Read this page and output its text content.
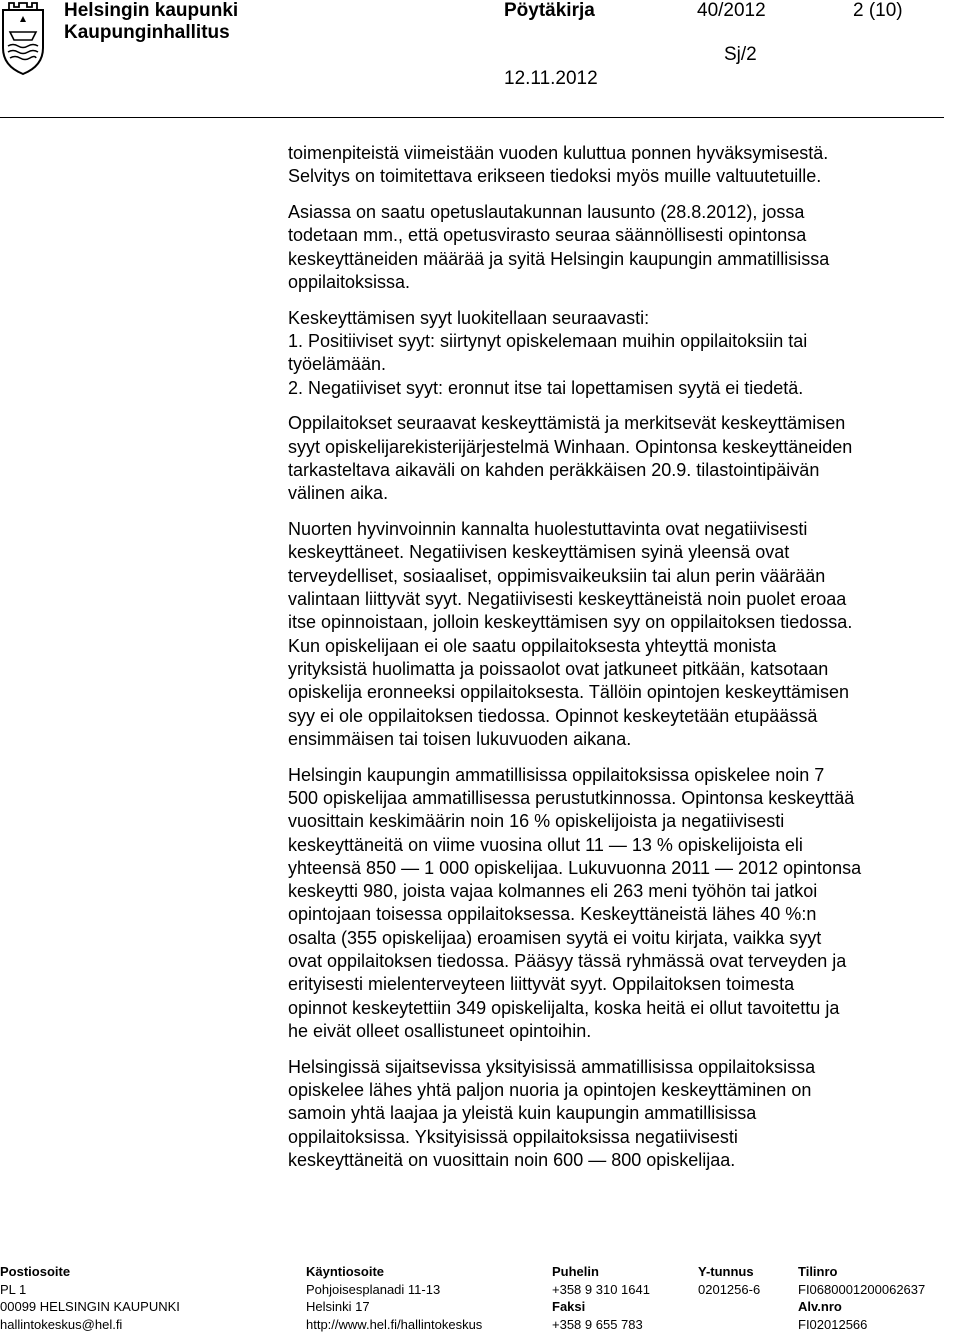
Helsingin kaupunki
Kaupunginhallitus
Pöytäkirja	40/2012	2 (10)
Sj/2
12.11.2012
toimenpiteistä viimeistään vuoden kuluttua ponnen hyväksymisestä.
Selvitys on toimitettava erikseen tiedoksi myös muille valtuutetuille.
Asiassa on saatu opetuslautakunnan lausunto (28.8.2012), jossa
todetaan mm., että opetusvirasto seuraa säännöllisesti opintonsa
keskeyttäneiden määrää ja syitä Helsingin kaupungin ammatillisissa
oppilaitoksissa.
Keskeyttämisen syyt luokitellaan seuraavasti:
1. Positiiviset syyt: siirtynyt opiskelemaan muihin oppilaitoksiin tai
työelämään.
2. Negatiiviset syyt: eronnut itse tai lopettamisen syytä ei tiedetä.
Oppilaitokset seuraavat keskeyttämistä ja merkitsevät keskeyttämisen
syyt opiskelijarekisterijärjestelmä Winhaan. Opintonsa keskeyttäneiden
tarkasteltava aikaväli on kahden peräkkäisen 20.9. tilastointipäivän
välinen aika.
Nuorten hyvinvoinnin kannalta huolestuttavinta ovat negatiivisesti
keskeyttäneet. Negatiivisen keskeyttämisen syinä yleensä ovat
terveydelliset, sosiaaliset, oppimisvaikeuksiin tai alun perin väärään
valintaan liittyvät syyt. Negatiivisesti keskeyttäneistä noin puolet eroaa
itse opinnoistaan, jolloin keskeyttämisen syy on oppilaitoksen tiedossa.
Kun opiskelijaan ei ole saatu oppilaitoksesta yhteyttä monista
yrityksistä huolimatta ja poissaolot ovat jatkuneet pitkään, katsotaan
opiskelija eronneeksi oppilaitoksesta. Tällöin opintojen keskeyttämisen
syy ei ole oppilaitoksen tiedossa. Opinnot keskeytetään etupäässä
ensimmäisen tai toisen lukuvuoden aikana.
Helsingin kaupungin ammatillisissa oppilaitoksissa opiskelee noin 7
500 opiskelijaa ammatillisessa perustutkinnossa. Opintonsa keskeyttää
vuosittain keskimäärin noin 16 % opiskelijoista ja negatiivisesti
keskeyttäneitä on viime vuosina ollut 11 — 13 % opiskelijoista eli
yhteensä 850 — 1 000 opiskelijaa. Lukuvuonna 2011 — 2012 opintonsa
keskeytti 980, joista vajaa kolmannes eli 263 meni työhön tai jatkoi
opintojaan toisessa oppilaitoksessa. Keskeyttäneistä lähes 40 %:n
osalta (355 opiskelijaa) eroamisen syytä ei voitu kirjata, vaikka syyt
ovat oppilaitoksen tiedossa. Pääsyy tässä ryhmässä ovat terveyden ja
erityisesti mielenterveyteen liittyvät syyt. Oppilaitoksen toimesta
opinnot keskeytettiin 349 opiskelijalta, koska heitä ei ollut tavoitettu ja
he eivät olleet osallistuneet opintoihin.
Helsingissä sijaitsevissa yksityisissä ammatillisissa oppilaitoksissa
opiskelee lähes yhtä paljon nuoria ja opintojen keskeyttäminen on
samoin yhtä laajaa ja yleistä kuin kaupungin ammatillisissa
oppilaitoksissa. Yksityisissä oppilaitoksissa negatiivisesti
keskeyttäneitä on vuosittain noin 600 — 800 opiskelijaa.
Postiosoite
PL 1
00099 HELSINGIN KAUPUNKI
hallintokeskus@hel.fi
Käyntiosoite
Pohjoisesplanadi 11-13
Helsinki 17
http://www.hel.fi/hallintokeskus
Puhelin
+358 9 310 1641
Faksi
+358 9 655 783
Y-tunnus
0201256-6
Tilinro
FI0680001200062637
Alv.nro
FI02012566
